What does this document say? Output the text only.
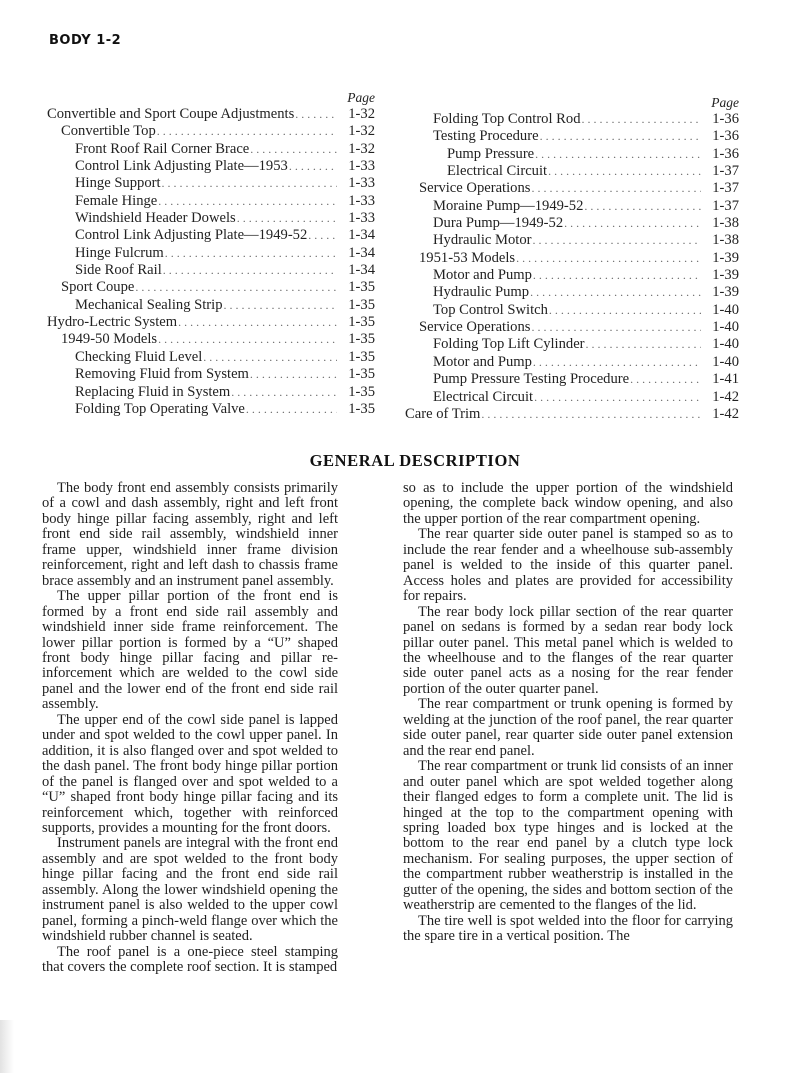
BODY 1-2
Page
Convertible and Sport Coupe Adjustments . . .	1-32
Convertible Top . . .	1-32
Front Roof Rail Corner Brace . . .	1-32
Control Link Adjusting Plate—1953 . . .	1-33
Hinge Support . . .	1-33
Female Hinge . . .	1-33
Windshield Header Dowels . . .	1-33
Control Link Adjusting Plate—1949-52 . . .	1-34
Hinge Fulcrum . . .	1-34
Side Roof Rail . . .	1-34
Sport Coupe . . .	1-35
Mechanical Sealing Strip . . .	1-35
Hydro-Lectric System . . .	1-35
1949-50 Models . . .	1-35
Checking Fluid Level . . .	1-35
Removing Fluid from System . . .	1-35
Replacing Fluid in System . . .	1-35
Folding Top Operating Valve . . .	1-35
Page
Folding Top Control Rod . . .	1-36
Testing Procedure . . .	1-36
Pump Pressure . . .	1-36
Electrical Circuit . . .	1-37
Service Operations . . .	1-37
Moraine Pump—1949-52 . . .	1-37
Dura Pump—1949-52 . . .	1-38
Hydraulic Motor . . .	1-38
1951-53 Models . . .	1-39
Motor and Pump . . .	1-39
Hydraulic Pump . . .	1-39
Top Control Switch . . .	1-40
Service Operations . . .	1-40
Folding Top Lift Cylinder . . .	1-40
Motor and Pump . . .	1-40
Pump Pressure Testing Procedure . . .	1-41
Electrical Circuit . . .	1-42
Care of Trim . . .	1-42
GENERAL DESCRIPTION

The body front end assembly consists primarily of a cowl and dash assembly, right and left front body hinge pillar facing assembly, right and left front end side rail assembly, windshield inner frame upper, windshield inner frame division reinforcement, right and left dash to chassis frame brace assembly and an instrument panel assembly.

The upper pillar portion of the front end is formed by a front end side rail assembly and windshield inner side frame reinforcement. The lower pillar portion is formed by a “U” shaped front body hinge pillar facing and pillar reinforcement which are welded to the cowl side panel and the lower end of the front end side rail assembly.

The upper end of the cowl side panel is lapped under and spot welded to the cowl upper panel. In addition, it is also flanged over and spot welded to the dash panel. The front body hinge pillar portion of the panel is flanged over and spot welded to a “U” shaped front body hinge pillar facing and its reinforcement which, together with reinforced supports, provides a mounting for the front doors.

Instrument panels are integral with the front end assembly and are spot welded to the front body hinge pillar facing and the front end side rail assembly. Along the lower windshield opening the instrument panel is also welded to the upper cowl panel, forming a pinch-weld flange over which the windshield rubber channel is seated.

The roof panel is a one-piece steel stamping that covers the complete roof section. It is stamped

so as to include the upper portion of the windshield opening, the complete back window opening, and also the upper portion of the rear compartment opening.

The rear quarter side outer panel is stamped so as to include the rear fender and a wheelhouse sub-assembly panel is welded to the inside of this quarter panel. Access holes and plates are provided for accessibility for repairs.

The rear body lock pillar section of the rear quarter panel on sedans is formed by a sedan rear body lock pillar outer panel. This metal panel which is welded to the wheelhouse and to the flanges of the rear quarter side outer panel acts as a nosing for the rear fender portion of the outer quarter panel.

The rear compartment or trunk opening is formed by welding at the junction of the roof panel, the rear quarter side outer panel, rear quarter side outer panel extension and the rear end panel.

The rear compartment or trunk lid consists of an inner and outer panel which are spot welded together along their flanged edges to form a complete unit. The lid is hinged at the top to the compartment opening with spring loaded box type hinges and is locked at the bottom to the rear end panel by a clutch type lock mechanism. For sealing purposes, the upper section of the compartment rubber weatherstrip is installed in the gutter of the opening, the sides and bottom section of the weatherstrip are cemented to the flanges of the lid.

The tire well is spot welded into the floor for carrying the spare tire in a vertical position. The
